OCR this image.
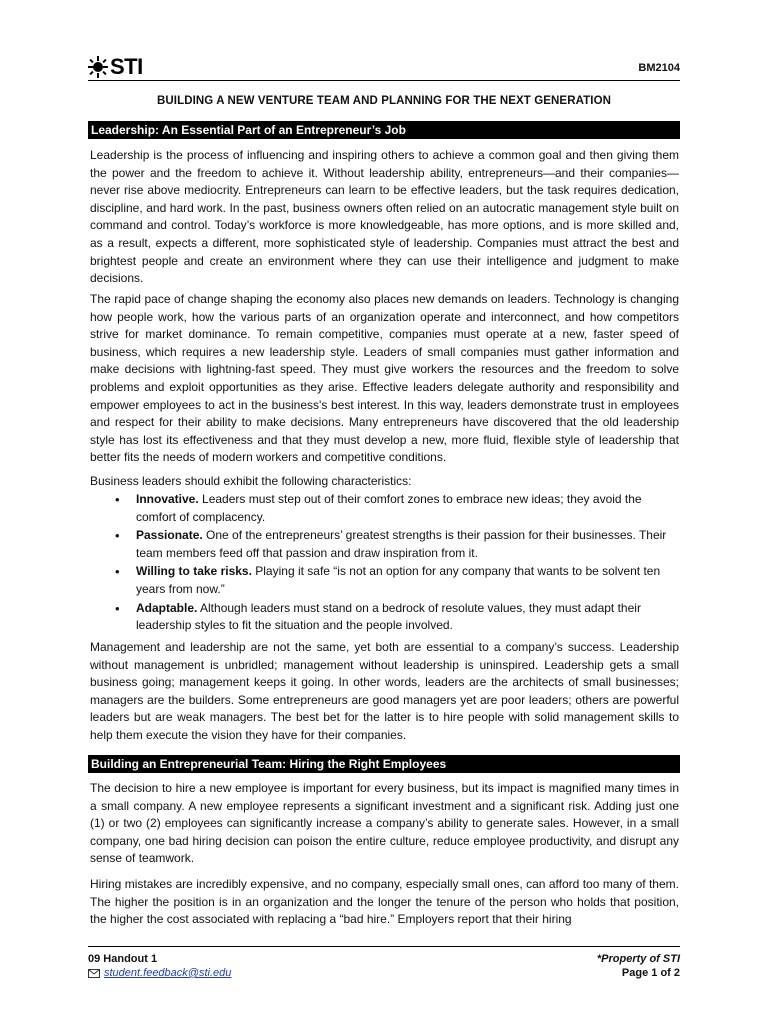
STI	BM2104
BUILDING A NEW VENTURE TEAM AND PLANNING FOR THE NEXT GENERATION
Leadership: An Essential Part of an Entrepreneur’s Job

Leadership is the process of influencing and inspiring others to achieve a common goal and then giving them the power and the freedom to achieve it. Without leadership ability, entrepreneurs—and their companies—never rise above mediocrity. Entrepreneurs can learn to be effective leaders, but the task requires dedication, discipline, and hard work. In the past, business owners often relied on an autocratic management style built on command and control. Today’s workforce is more knowledgeable, has more options, and is more skilled and, as a result, expects a different, more sophisticated style of leadership. Companies must attract the best and brightest people and create an environment where they can use their intelligence and judgment to make decisions.

The rapid pace of change shaping the economy also places new demands on leaders. Technology is changing how people work, how the various parts of an organization operate and interconnect, and how competitors strive for market dominance. To remain competitive, companies must operate at a new, faster speed of business, which requires a new leadership style. Leaders of small companies must gather information and make decisions with lightning-fast speed. They must give workers the resources and the freedom to solve problems and exploit opportunities as they arise. Effective leaders delegate authority and responsibility and empower employees to act in the business's best interest. In this way, leaders demonstrate trust in employees and respect for their ability to make decisions. Many entrepreneurs have discovered that the old leadership style has lost its effectiveness and that they must develop a new, more fluid, flexible style of leadership that better fits the needs of modern workers and competitive conditions.

Business leaders should exhibit the following characteristics:

• Innovative. Leaders must step out of their comfort zones to embrace new ideas; they avoid the comfort of complacency.
• Passionate. One of the entrepreneurs’ greatest strengths is their passion for their businesses. Their team members feed off that passion and draw inspiration from it.
• Willing to take risks. Playing it safe “is not an option for any company that wants to be solvent ten years from now.”
• Adaptable. Although leaders must stand on a bedrock of resolute values, they must adapt their leadership styles to fit the situation and the people involved.

Management and leadership are not the same, yet both are essential to a company’s success. Leadership without management is unbridled; management without leadership is uninspired. Leadership gets a small business going; management keeps it going. In other words, leaders are the architects of small businesses; managers are the builders. Some entrepreneurs are good managers yet are poor leaders; others are powerful leaders but are weak managers. The best bet for the latter is to hire people with solid management skills to help them execute the vision they have for their companies.

Building an Entrepreneurial Team: Hiring the Right Employees

The decision to hire a new employee is important for every business, but its impact is magnified many times in a small company. A new employee represents a significant investment and a significant risk. Adding just one (1) or two (2) employees can significantly increase a company’s ability to generate sales. However, in a small company, one bad hiring decision can poison the entire culture, reduce employee productivity, and disrupt any sense of teamwork.

Hiring mistakes are incredibly expensive, and no company, especially small ones, can afford too many of them. The higher the position is in an organization and the longer the tenure of the person who holds that position, the higher the cost associated with replacing a “bad hire.” Employers report that their hiring

09 Handout 1
student.feedback@sti.edu
*Property of STI
Page 1 of 2
